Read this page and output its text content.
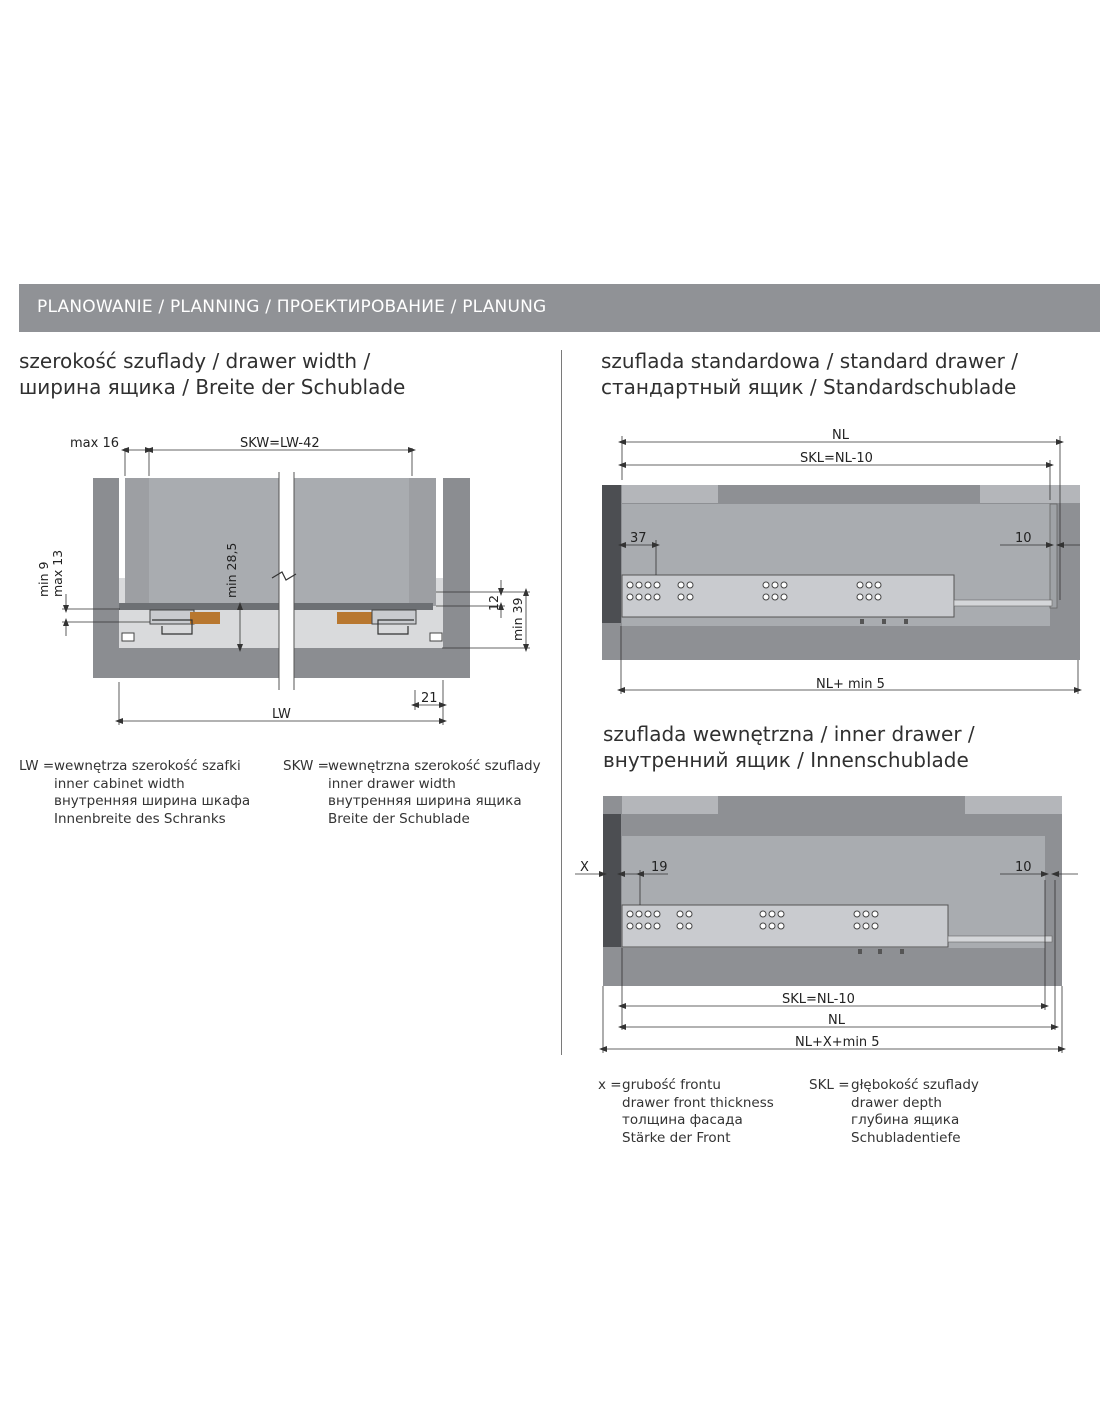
PLANOWANIE / PLANNING / ПРОЕКТИРОВАНИЕ / PLANUNG
szerokość szuflady / drawer width /
ширина ящика / Breite der Schublade
szuflada standardowa / standard drawer /
стандартный ящик / Standardschublade
szuflada wewnętrzna / inner drawer /
внутренний ящик / Innenschublade
max 16	SKW=LW-42
min 9 max 13	min 28,5
12 min 39
21
LW
LW =wewnętrza szerokość szafki
inner cabinet width
внутренняя ширина шкафа
Innenbreite des Schranks
SKW =wewnętrzna szerokość szuflady
inner drawer width
внутренняя ширина ящика
Breite der Schublade
NL
SKL=NL-10
37	10
NL+ min 5
X	19	10
SKL=NL-10
NL
NL+X+min 5
x =grubość frontu
drawer front thickness
толщина фасада
Stärke der Front
SKL =głębokość szuflady
drawer depth
глубина ящика
Schubladentiefe
